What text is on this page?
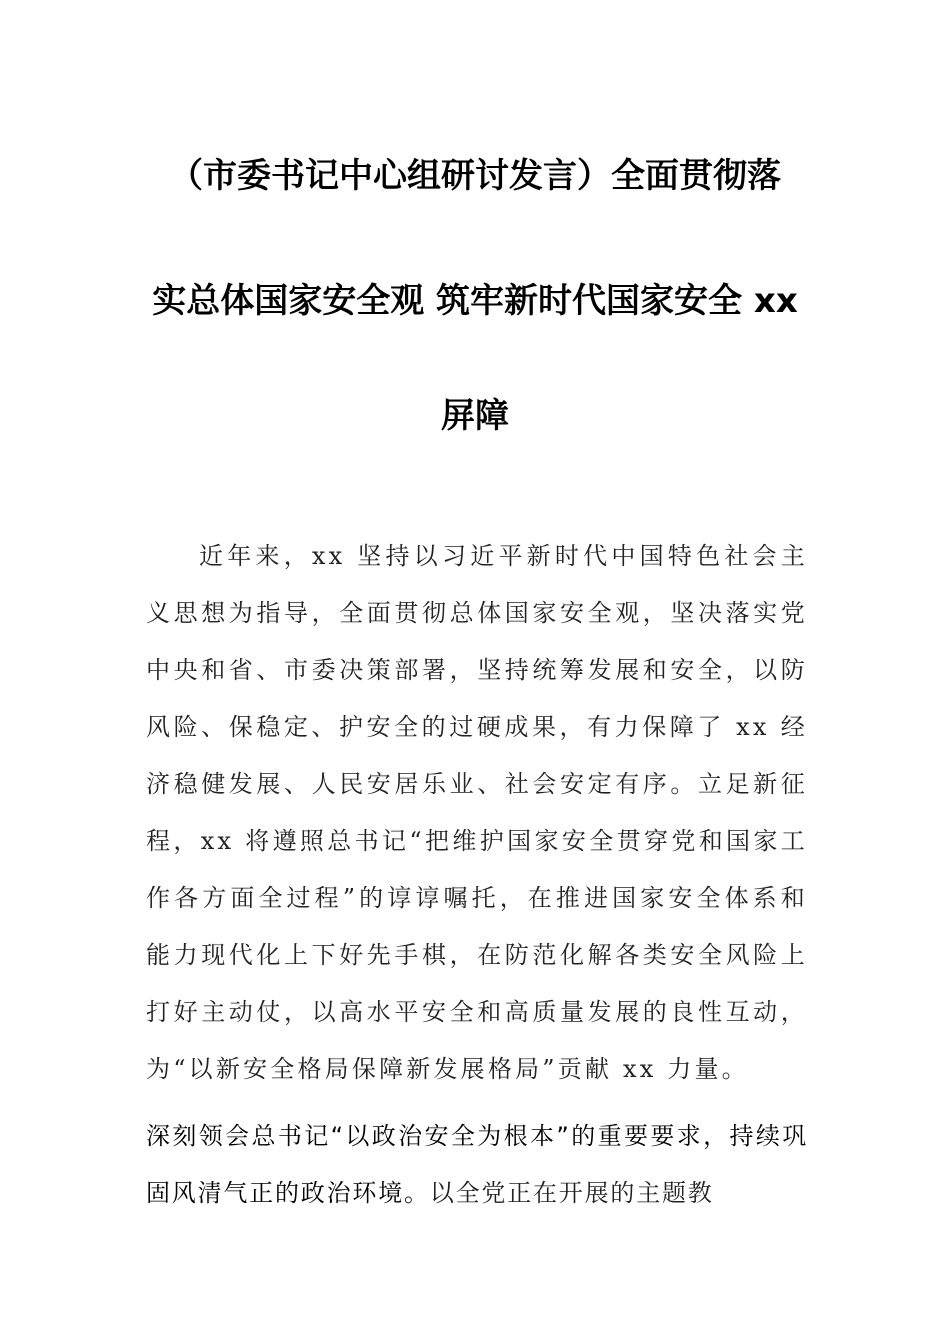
（市委书记中心组研讨发言）全面贯彻落
实总体国家安全观 筑牢新时代国家安全 xx
屏障
近年来，xx 坚持以习近平新时代中国特色社会主义思想为指导，全面贯彻总体国家安全观，坚决落实党中央和省、市委决策部署，坚持统筹发展和安全，以防风险、保稳定、护安全的过硬成果，有力保障了 xx 经济稳健发展、人民安居乐业、社会安定有序。立足新征程，xx 将遵照总书记“把维护国家安全贯穿党和国家工作各方面全过程”的谆谆嘱托，在推进国家安全体系和能力现代化上下好先手棋，在防范化解各类安全风险上打好主动仗，以高水平安全和高质量发展的良性互动，为“以新安全格局保障新发展格局”贡献 xx 力量。
深刻领会总书记“以政治安全为根本”的重要要求，持续巩固风清气正的政治环境。以全党正在开展的主题教
